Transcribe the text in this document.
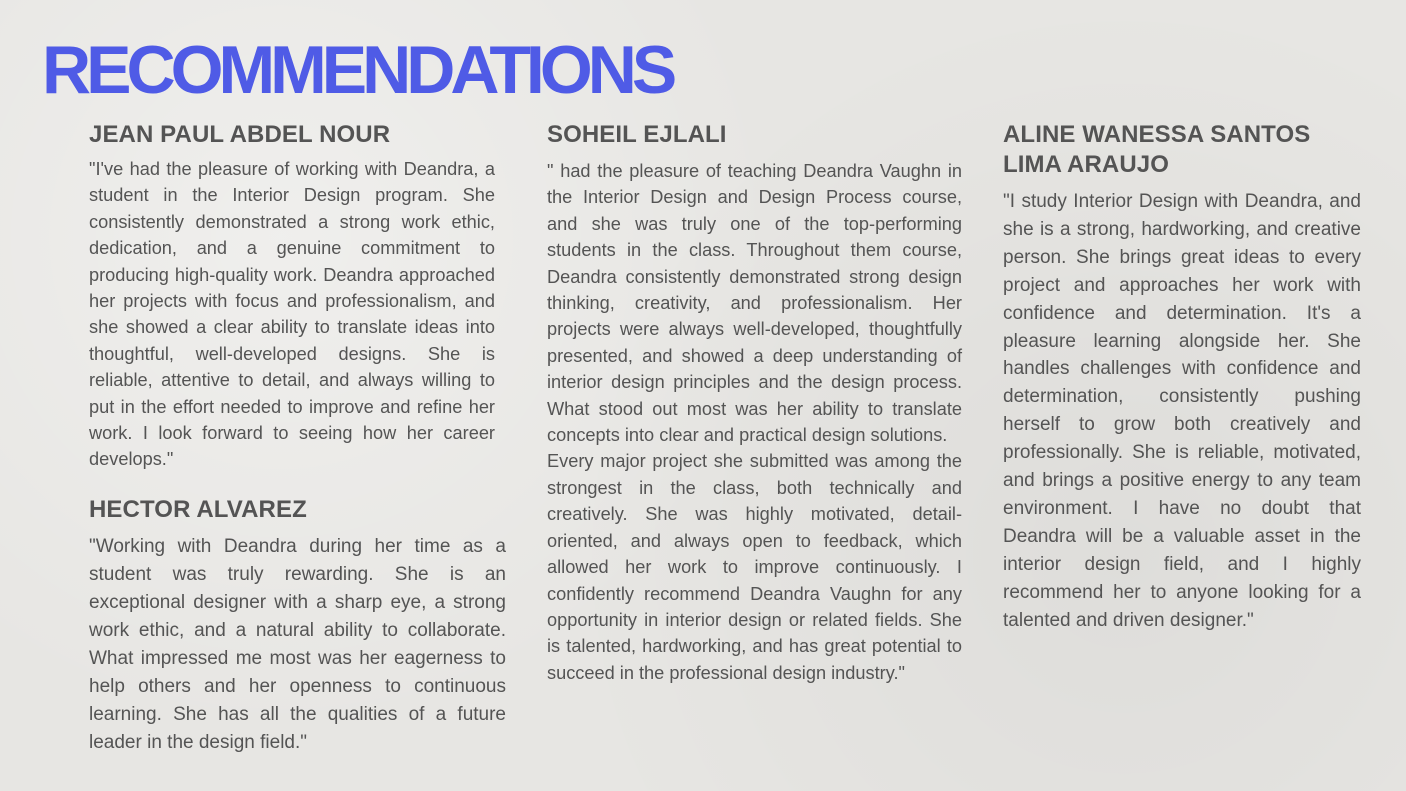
RECOMMENDATIONS
JEAN PAUL ABDEL NOUR

"I've had the pleasure of working with Deandra, a student in the Interior Design program. She consistently demonstrated a strong work ethic, dedication, and a genuine commitment to producing high-quality work. Deandra approached her projects with focus and professionalism, and she showed a clear ability to translate ideas into thoughtful, well-developed designs. She is reliable, attentive to detail, and always willing to put in the effort needed to improve and refine her work. I look forward to seeing how her career develops."

HECTOR ALVAREZ

"Working with Deandra during her time as a student was truly rewarding. She is an exceptional designer with a sharp eye, a strong work ethic, and a natural ability to collaborate. What impressed me most was her eagerness to help others and her openness to continuous learning. She has all the qualities of a future leader in the design field."

SOHEIL EJLALI

" had the pleasure of teaching Deandra Vaughn in the Interior Design and Design Process course, and she was truly one of the top-performing students in the class. Throughout them course, Deandra consistently demonstrated strong design thinking, creativity, and professionalism. Her projects were always well-developed, thoughtfully presented, and showed a deep understanding of interior design principles and the design process. What stood out most was her ability to translate concepts into clear and practical design solutions.

Every major project she submitted was among the strongest in the class, both technically and creatively. She was highly motivated, detail-oriented, and always open to feedback, which allowed her work to improve continuously. I confidently recommend Deandra Vaughn for any opportunity in interior design or related fields. She is talented, hardworking, and has great potential to succeed in the professional design industry."

ALINE WANESSA SANTOS LIMA ARAUJO

"I study Interior Design with Deandra, and she is a strong, hardworking, and creative person. She brings great ideas to every project and approaches her work with confidence and determination. It's a pleasure learning alongside her. She handles challenges with confidence and determination, consistently pushing herself to grow both creatively and professionally. She is reliable, motivated, and brings a positive energy to any team environment. I have no doubt that Deandra will be a valuable asset in the interior design field, and I highly recommend her to anyone looking for a talented and driven designer."
